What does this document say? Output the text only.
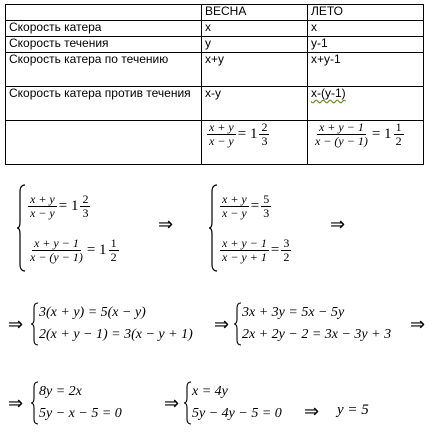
	ВЕСНА	ЛЕТО
Скорость катера	x	x
Скорость течения	y	y-1
Скорость катера по течению	x+y	x+y-1
Скорость катера против течения	x-y	x-(y-1)

	$\frac{x + y}{x - y} = 1 \frac{2}{3}$	$\frac{x + y - 1}{x - (y - 1)} = 1 \frac{1}{2}$
$\frac{x + y}{x - y} = 1 \frac{2}{3}$
$\frac{x + y - 1}{x - (y - 1)} = 1 \frac{1}{2}$
⇒
$\frac{x + y}{x - y} = \frac{5}{3}$
$\frac{x + y - 1}{x - y + 1} = \frac{3}{2}$
⇒
⇒
3(x + y) = 5(x − y)
2(x + y − 1) = 3(x − y + 1) ⇒
3x + 3y = 5x − 5y
2x + 2y − 2 = 3x − 3y + 3 ⇒
⇒
8y = 2x
5y − x − 5 = 0 ⇒
x = 4y
5y − 4y − 5 = 0 ⇒ y = 5
